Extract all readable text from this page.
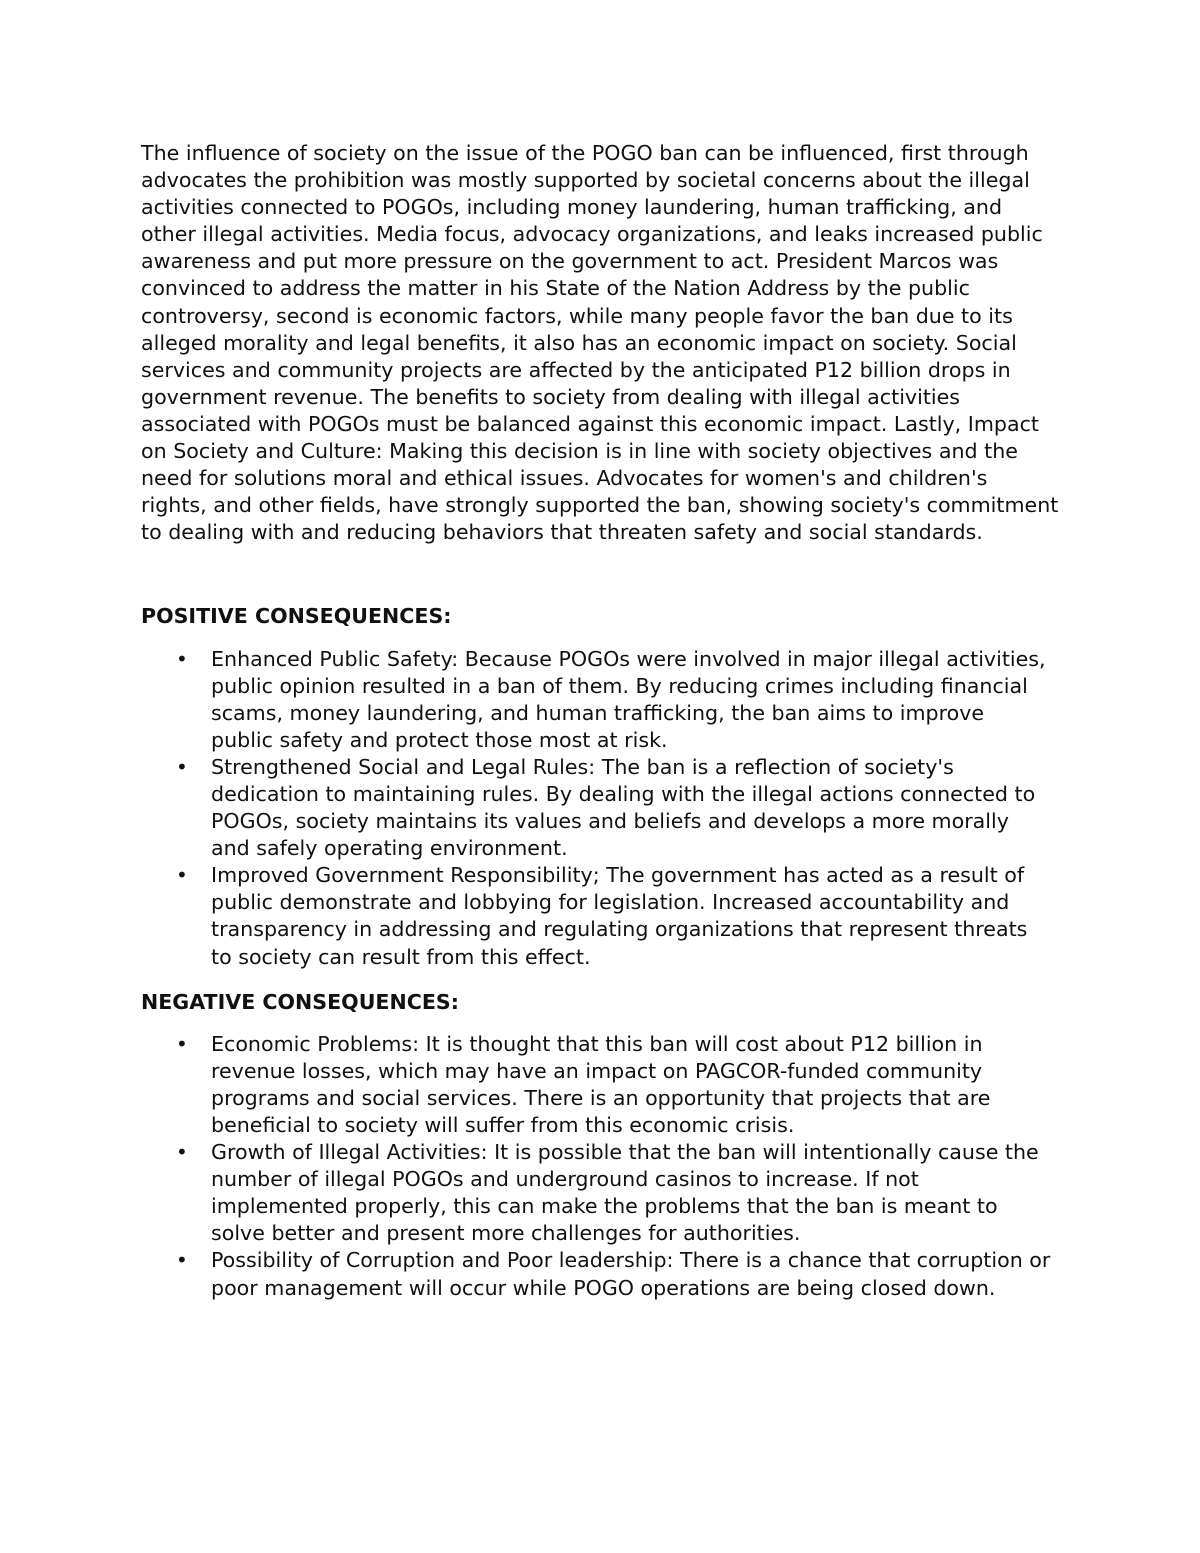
The influence of society on the issue of the POGO ban can be influenced, first through advocates the prohibition was mostly supported by societal concerns about the illegal activities connected to POGOs, including money laundering, human trafficking, and other illegal activities. Media focus, advocacy organizations, and leaks increased public awareness and put more pressure on the government to act. President Marcos was convinced to address the matter in his State of the Nation Address by the public controversy, second is economic factors, while many people favor the ban due to its alleged morality and legal benefits, it also has an economic impact on society. Social services and community projects are affected by the anticipated P12 billion drops in government revenue. The benefits to society from dealing with illegal activities associated with POGOs must be balanced against this economic impact. Lastly, Impact on Society and Culture: Making this decision is in line with society objectives and the need for solutions moral and ethical issues. Advocates for women's and children's rights, and other fields, have strongly supported the ban, showing society's commitment to dealing with and reducing behaviors that threaten safety and social standards.

POSITIVE CONSEQUENCES:

• Enhanced Public Safety: Because POGOs were involved in major illegal activities, public opinion resulted in a ban of them. By reducing crimes including financial scams, money laundering, and human trafficking, the ban aims to improve public safety and protect those most at risk.
• Strengthened Social and Legal Rules: The ban is a reflection of society's dedication to maintaining rules. By dealing with the illegal actions connected to POGOs, society maintains its values and beliefs and develops a more morally and safely operating environment.
• Improved Government Responsibility; The government has acted as a result of public demonstrate and lobbying for legislation. Increased accountability and transparency in addressing and regulating organizations that represent threats to society can result from this effect.

NEGATIVE CONSEQUENCES:

• Economic Problems: It is thought that this ban will cost about P12 billion in revenue losses, which may have an impact on PAGCOR-funded community programs and social services. There is an opportunity that projects that are beneficial to society will suffer from this economic crisis.
• Growth of Illegal Activities: It is possible that the ban will intentionally cause the number of illegal POGOs and underground casinos to increase. If not implemented properly, this can make the problems that the ban is meant to solve better and present more challenges for authorities.
• Possibility of Corruption and Poor leadership: There is a chance that corruption or poor management will occur while POGO operations are being closed down.
